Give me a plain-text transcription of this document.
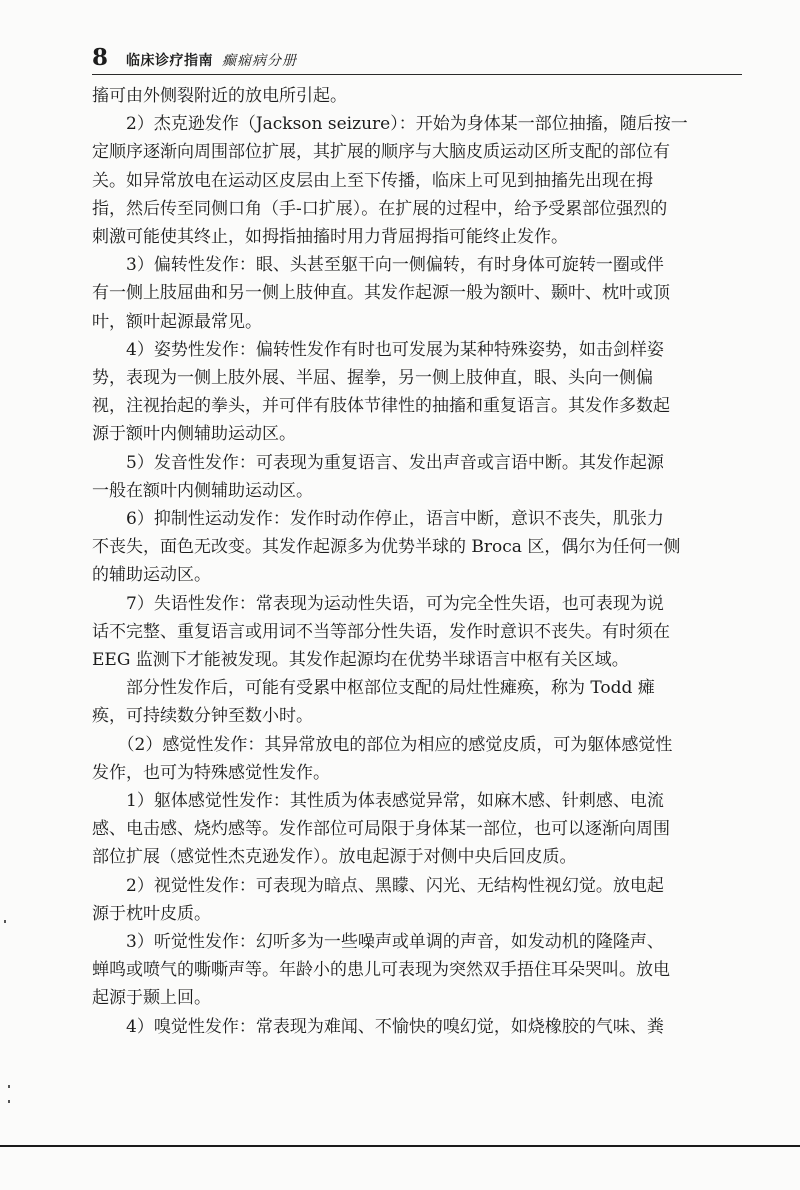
8 临床诊疗指南 癫痫病分册
搐可由外侧裂附近的放电所引起。
　　2）杰克逊发作（Jackson seizure）：开始为身体某一部位抽搐，随后按一
定顺序逐渐向周围部位扩展，其扩展的顺序与大脑皮质运动区所支配的部位有
关。如异常放电在运动区皮层由上至下传播，临床上可见到抽搐先出现在拇
指，然后传至同侧口角（手-口扩展）。在扩展的过程中，给予受累部位强烈的
刺激可能使其终止，如拇指抽搐时用力背屈拇指可能终止发作。
　　3）偏转性发作：眼、头甚至躯干向一侧偏转，有时身体可旋转一圈或伴
有一侧上肢屈曲和另一侧上肢伸直。其发作起源一般为额叶、颞叶、枕叶或顶
叶，额叶起源最常见。
　　4）姿势性发作：偏转性发作有时也可发展为某种特殊姿势，如击剑样姿
势，表现为一侧上肢外展、半屈、握拳，另一侧上肢伸直，眼、头向一侧偏
视，注视抬起的拳头，并可伴有肢体节律性的抽搐和重复语言。其发作多数起
源于额叶内侧辅助运动区。
　　5）发音性发作：可表现为重复语言、发出声音或言语中断。其发作起源
一般在额叶内侧辅助运动区。
　　6）抑制性运动发作：发作时动作停止，语言中断，意识不丧失，肌张力
不丧失，面色无改变。其发作起源多为优势半球的 Broca 区，偶尔为任何一侧
的辅助运动区。
　　7）失语性发作：常表现为运动性失语，可为完全性失语，也可表现为说
话不完整、重复语言或用词不当等部分性失语，发作时意识不丧失。有时须在
EEG 监测下才能被发现。其发作起源均在优势半球语言中枢有关区域。
　　部分性发作后，可能有受累中枢部位支配的局灶性瘫痪，称为 Todd 瘫
痪，可持续数分钟至数小时。
　　（2）感觉性发作：其异常放电的部位为相应的感觉皮质，可为躯体感觉性
发作，也可为特殊感觉性发作。
　　1）躯体感觉性发作：其性质为体表感觉异常，如麻木感、针刺感、电流
感、电击感、烧灼感等。发作部位可局限于身体某一部位，也可以逐渐向周围
部位扩展（感觉性杰克逊发作）。放电起源于对侧中央后回皮质。
　　2）视觉性发作：可表现为暗点、黑矇、闪光、无结构性视幻觉。放电起
源于枕叶皮质。
　　3）听觉性发作：幻听多为一些噪声或单调的声音，如发动机的隆隆声、
蝉鸣或喷气的嘶嘶声等。年龄小的患儿可表现为突然双手捂住耳朵哭叫。放电
起源于颞上回。
　　4）嗅觉性发作：常表现为难闻、不愉快的嗅幻觉，如烧橡胶的气味、粪
